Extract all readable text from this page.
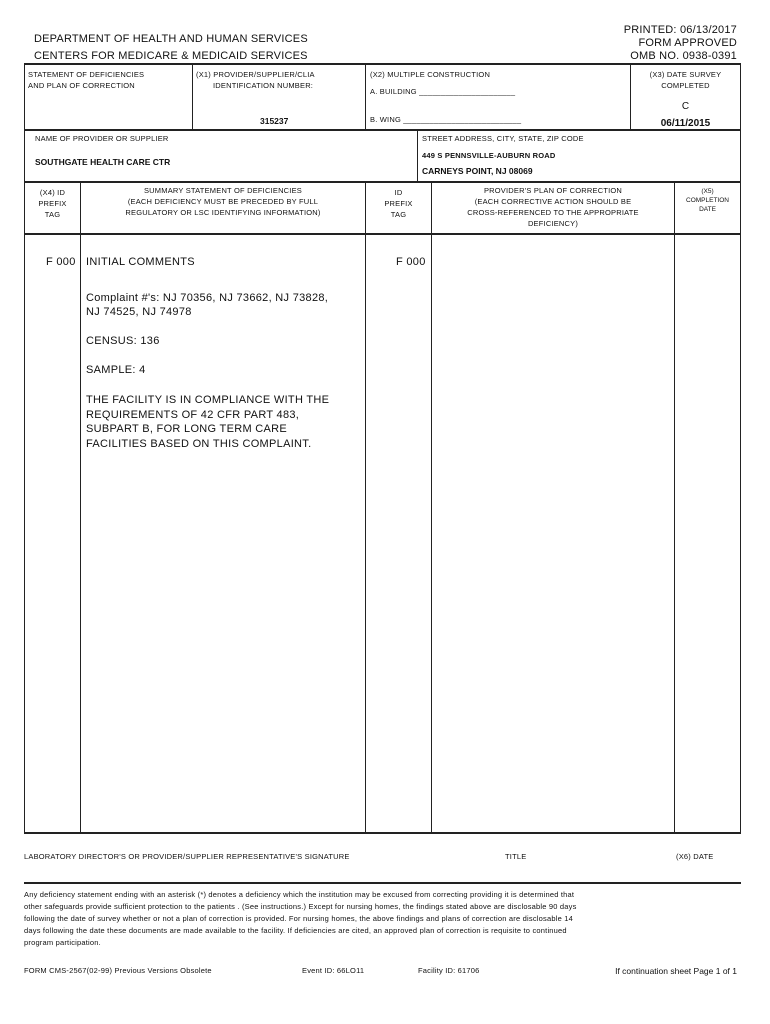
DEPARTMENT OF HEALTH AND HUMAN SERVICES
CENTERS FOR MEDICARE & MEDICAID SERVICES
PRINTED: 06/13/2017
FORM APPROVED
OMB NO. 0938-0391
STATEMENT OF DEFICIENCIES
AND PLAN OF CORRECTION
(X1) PROVIDER/SUPPLIER/CLIA
IDENTIFICATION NUMBER:
315237
(X2) MULTIPLE CONSTRUCTION
A. BUILDING ______________________
B. WING ___________________________
(X3) DATE SURVEY
COMPLETED
C
06/11/2015
NAME OF PROVIDER OR SUPPLIER
SOUTHGATE HEALTH CARE CTR
STREET ADDRESS, CITY, STATE, ZIP CODE
449 S PENNSVILLE-AUBURN ROAD
CARNEYS POINT, NJ 08069
(X4) ID
PREFIX
TAG
SUMMARY STATEMENT OF DEFICIENCIES
(EACH DEFICIENCY MUST BE PRECEDED BY FULL
REGULATORY OR LSC IDENTIFYING INFORMATION)
ID
PREFIX
TAG
PROVIDER'S PLAN OF CORRECTION
(EACH CORRECTIVE ACTION SHOULD BE
CROSS-REFERENCED TO THE APPROPRIATE
DEFICIENCY)
(X5)
COMPLETION
DATE
F 000	F 000
INITIAL COMMENTS
Complaint #'s: NJ 70356, NJ 73662, NJ 73828,
NJ 74525, NJ 74978
CENSUS: 136
SAMPLE: 4
THE FACILITY IS IN COMPLIANCE WITH THE
REQUIREMENTS OF 42 CFR PART 483,
SUBPART B, FOR LONG TERM CARE
FACILITIES BASED ON THIS COMPLAINT.
LABORATORY DIRECTOR'S OR PROVIDER/SUPPLIER REPRESENTATIVE'S SIGNATURE	TITLE	(X6) DATE
Any deficiency statement ending with an asterisk (*) denotes a deficiency which the institution may be excused from correcting providing it is determined that
other safeguards provide sufficient protection to the patients . (See instructions.) Except for nursing homes, the findings stated above are disclosable 90 days
following the date of survey whether or not a plan of correction is provided. For nursing homes, the above findings and plans of correction are disclosable 14
days following the date these documents are made available to the facility. If deficiencies are cited, an approved plan of correction is requisite to continued
program participation.
FORM CMS-2567(02-99) Previous Versions Obsolete	Event ID: 66LO11	Facility ID: 61706	If continuation sheet Page 1 of 1
